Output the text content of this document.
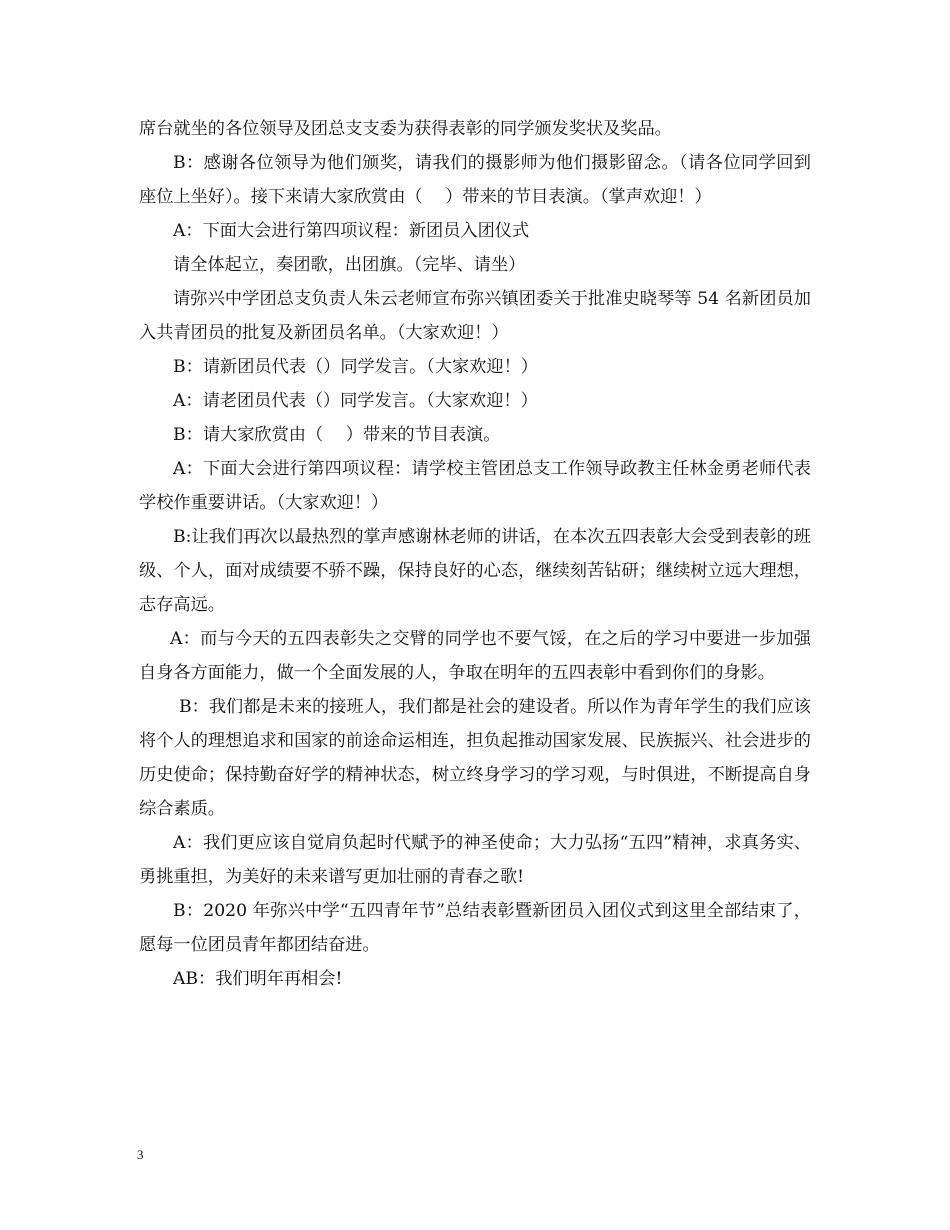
席台就坐的各位领导及团总支支委为获得表彰的同学颁发奖状及奖品。

B：感谢各位领导为他们颁奖，请我们的摄影师为他们摄影留念。（请各位同学回到座位上坐好）。接下来请大家欣赏由（　 ）带来的节目表演。（掌声欢迎！）

A：下面大会进行第四项议程：新团员入团仪式

请全体起立，奏团歌，出团旗。（完毕、请坐）

请弥兴中学团总支负责人朱云老师宣布弥兴镇团委关于批准史晓琴等 54 名新团员加入共青团员的批复及新团员名单。（大家欢迎！）

B：请新团员代表（）同学发言。（大家欢迎！）

A：请老团员代表（）同学发言。（大家欢迎！）

B：请大家欣赏由（　 ）带来的节目表演。

A：下面大会进行第四项议程：请学校主管团总支工作领导政教主任林金勇老师代表学校作重要讲话。（大家欢迎！）

B:让我们再次以最热烈的掌声感谢林老师的讲话，在本次五四表彰大会受到表彰的班级、个人，面对成绩要不骄不躁，保持良好的心态，继续刻苦钻研；继续树立远大理想，志存高远。

A：而与今天的五四表彰失之交臂的同学也不要气馁，在之后的学习中要进一步加强自身各方面能力，做一个全面发展的人，争取在明年的五四表彰中看到你们的身影。

B：我们都是未来的接班人，我们都是社会的建设者。所以作为青年学生的我们应该将个人的理想追求和国家的前途命运相连，担负起推动国家发展、民族振兴、社会进步的历史使命；保持勤奋好学的精神状态，树立终身学习的学习观，与时俱进，不断提高自身综合素质。

A：我们更应该自觉肩负起时代赋予的神圣使命；大力弘扬“五四”精神，求真务实、勇挑重担，为美好的未来谱写更加壮丽的青春之歌!

B：2020 年弥兴中学“五四青年节”总结表彰暨新团员入团仪式到这里全部结束了，愿每一位团员青年都团结奋进。

AB：我们明年再相会!

3
